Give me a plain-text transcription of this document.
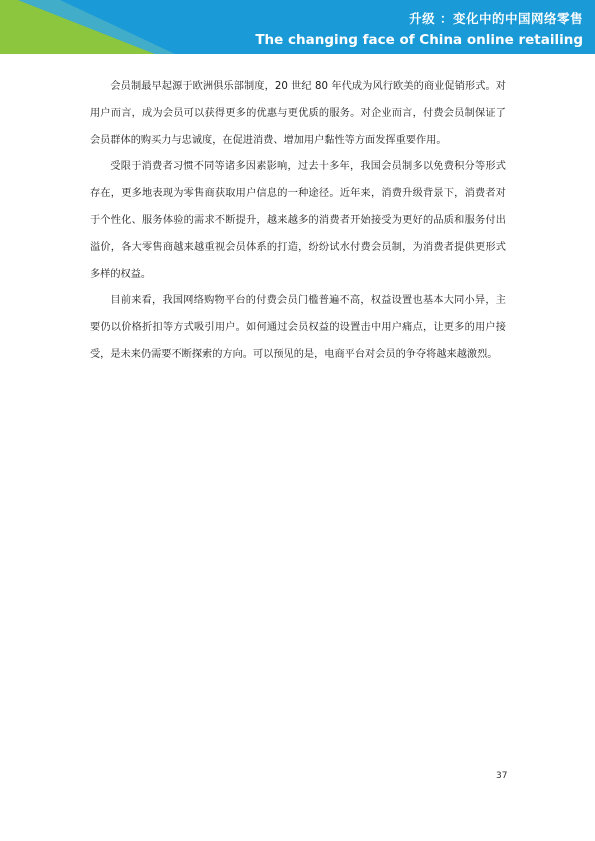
升级 ：变化中的中国网络零售
The changing face of China online retailing

会员制最早起源于欧洲俱乐部制度，20 世纪 80 年代成为风行欧美的商业促销形式。对用户而言，成为会员可以获得更多的优惠与更优质的服务。对企业而言，付费会员制保证了会员群体的购买力与忠诚度，在促进消费、增加用户黏性等方面发挥重要作用。

受限于消费者习惯不同等诸多因素影响，过去十多年，我国会员制多以免费积分等形式存在，更多地表现为零售商获取用户信息的一种途径。近年来，消费升级背景下，消费者对于个性化、服务体验的需求不断提升，越来越多的消费者开始接受为更好的品质和服务付出溢价，各大零售商越来越重视会员体系的打造，纷纷试水付费会员制，为消费者提供更形式多样的权益。

目前来看，我国网络购物平台的付费会员门槛普遍不高，权益设置也基本大同小异，主要仍以价格折扣等方式吸引用户。如何通过会员权益的设置击中用户痛点，让更多的用户接受，是未来仍需要不断探索的方向。可以预见的是，电商平台对会员的争夺将越来越激烈。

37
